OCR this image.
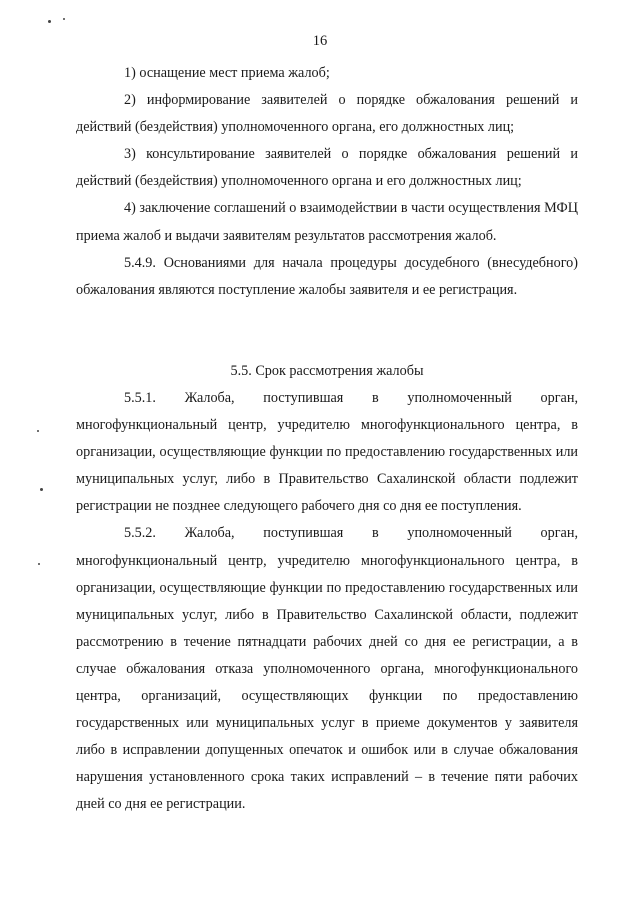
16

1) оснащение мест приема жалоб;

2) информирование заявителей о порядке обжалования решений и действий (бездействия) уполномоченного органа, его должностных лиц;

3) консультирование заявителей о порядке обжалования решений и действий (бездействия) уполномоченного органа и его должностных лиц;

4) заключение соглашений о взаимодействии в части осуществления МФЦ приема жалоб и выдачи заявителям результатов рассмотрения жалоб.

5.4.9. Основаниями для начала процедуры досудебного (внесудебного) обжалования являются поступление жалобы заявителя и ее регистрация.

5.5. Срок рассмотрения жалобы

5.5.1. Жалоба, поступившая в уполномоченный орган, многофункциональный центр, учредителю многофункционального центра, в организации, осуществляющие функции по предоставлению государственных или муниципальных услуг, либо в Правительство Сахалинской области подлежит регистрации не позднее следующего рабочего дня со дня ее поступления.

5.5.2. Жалоба, поступившая в уполномоченный орган, многофункциональный центр, учредителю многофункционального центра, в организации, осуществляющие функции по предоставлению государственных или муниципальных услуг, либо в Правительство Сахалинской области, подлежит рассмотрению в течение пятнадцати рабочих дней со дня ее регистрации, а в случае обжалования отказа уполномоченного органа, многофункционального центра, организаций, осуществляющих функции по предоставлению государственных или муниципальных услуг в приеме документов у заявителя либо в исправлении допущенных опечаток и ошибок или в случае обжалования нарушения установленного срока таких исправлений – в течение пяти рабочих дней со дня ее регистрации.
